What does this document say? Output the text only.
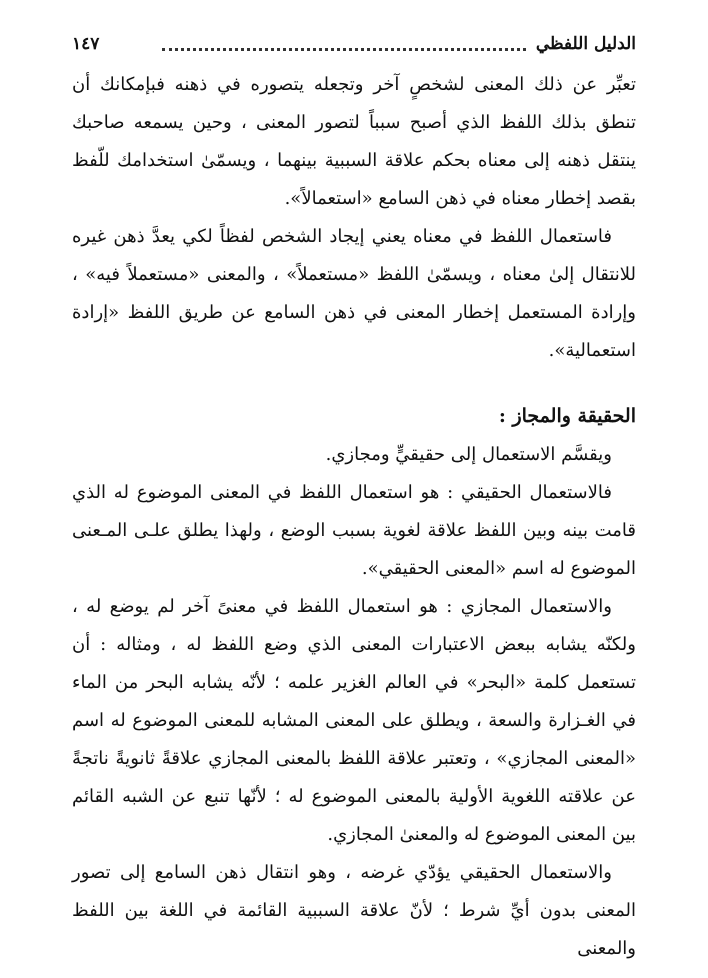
الدليل اللفظي
١٤٧

تعبِّر عن ذلك المعنى لشخصٍ آخر وتجعله يتصوره في ذهنه فبإمكانك أن تنطق بذلك اللفظ الذي أصبح سبباً لتصور المعنى ، وحين يسمعه صاحبك ينتقل ذهنه إلى معناه بحكم علاقة السببية بينهما ، ويسمّىٰ استخدامك للّفظ بقصد إخطار معناه في ذهن السامع «استعمالاً».

فاستعمال اللفظ في معناه يعني إيجاد الشخص لفظاً لكي يعدَّ ذهن غيره للانتقال إلىٰ معناه ، ويسمّىٰ اللفظ «مستعملاً» ، والمعنى «مستعملاً فيه» ، وإرادة المستعمل إخطار المعنى في ذهن السامع عن طريق اللفظ «إرادة استعمالية».

الحقيقة والمجاز :

ويقسَّم الاستعمال إلى حقيقيٍّ ومجازي.

فالاستعمال الحقيقي : هو استعمال اللفظ في المعنى الموضوع له الذي قامت بينه وبين اللفظ علاقة لغوية بسبب الوضع ، ولهذا يطلق علـى المـعنى الموضوع له اسم «المعنى الحقيقي».

والاستعمال المجازي : هو استعمال اللفظ في معنىً آخر لم يوضع له ، ولكنّه يشابه ببعض الاعتبارات المعنى الذي وضع اللفظ له ، ومثاله : أن تستعمل كلمة «البحر» في العالم الغزير علمه ؛ لأنّه يشابه البحر من الماء في الغـزارة والسعة ، ويطلق على المعنى المشابه للمعنى الموضوع له اسم «المعنى المجازي» ، وتعتبر علاقة اللفظ بالمعنى المجازي علاقةً ثانويةً ناتجةً عن علاقته اللغوية الأولية بالمعنى الموضوع له ؛ لأنّها تنبع عن الشبه القائم بين المعنى الموضوع له والمعنىٰ المجازي.

والاستعمال الحقيقي يؤدّي غرضه ، وهو انتقال ذهن السامع إلى تصور المعنى بدون أيِّ شرط ؛ لأنّ علاقة السببية القائمة في اللغة بين اللفظ والمعنى
